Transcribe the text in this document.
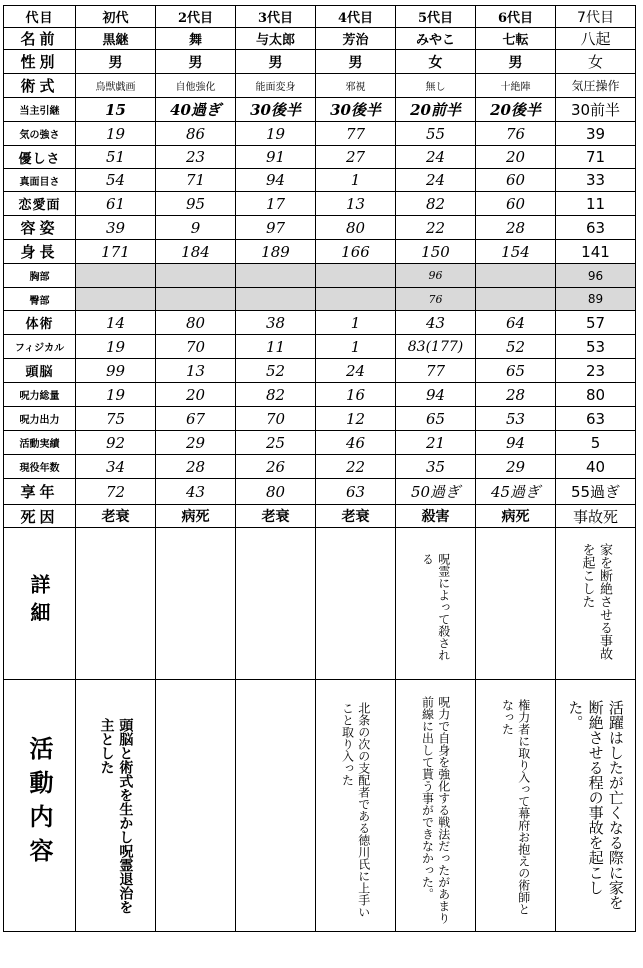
代目	初代	2代目	3代目	4代目	5代目	6代目	7代目
名前	黒継	舞	与太郎	芳治	みやこ	七転	八起
性別	男	男	男	男	女	男	女
術式	鳥獣戯画	自他強化	能面変身	邪視	無し	十絶陣	気圧操作
当主引継	15	40過ぎ	30後半	30後半	20前半	20後半	30前半
気の強さ	19	86	19	77	55	76	39
優しさ	51	23	91	27	24	20	71
真面目さ	54	71	94	1	24	60	33
恋愛面	61	95	17	13	82	60	11
容姿	39	9	97	80	22	28	63
身長	171	184	189	166	150	154	141
胸部					96		96
臀部					76		89
体術	14	80	38	1	43	64	57
フィジカル	19	70	11	1	83(177)	52	53
頭脳	99	13	52	24	77	65	23
呪力総量	19	20	82	16	94	28	80
呪力出力	75	67	70	12	65	53	63
活動実績	92	29	25	46	21	94	5
現役年数	34	28	26	22	35	29	40
享年	72	43	80	63	50過ぎ	45過ぎ	55過ぎ
死因	老衰	病死	老衰	老衰	殺害	病死	事故死
詳細					呪霊によって殺される		家を断絶させる事故を起こした
活動内容	頭脳と術式を生かし呪霊退治を主とした			北条の次の支配者である徳川氏に上手いこと取り入った	呪力で自身を強化する戦法だったがあまり前線に出して貰う事ができなかった。	権力者に取り入って幕府お抱えの術師となった	活躍はしたが亡くなる際に家を断絶させる程の事故を起こした。
